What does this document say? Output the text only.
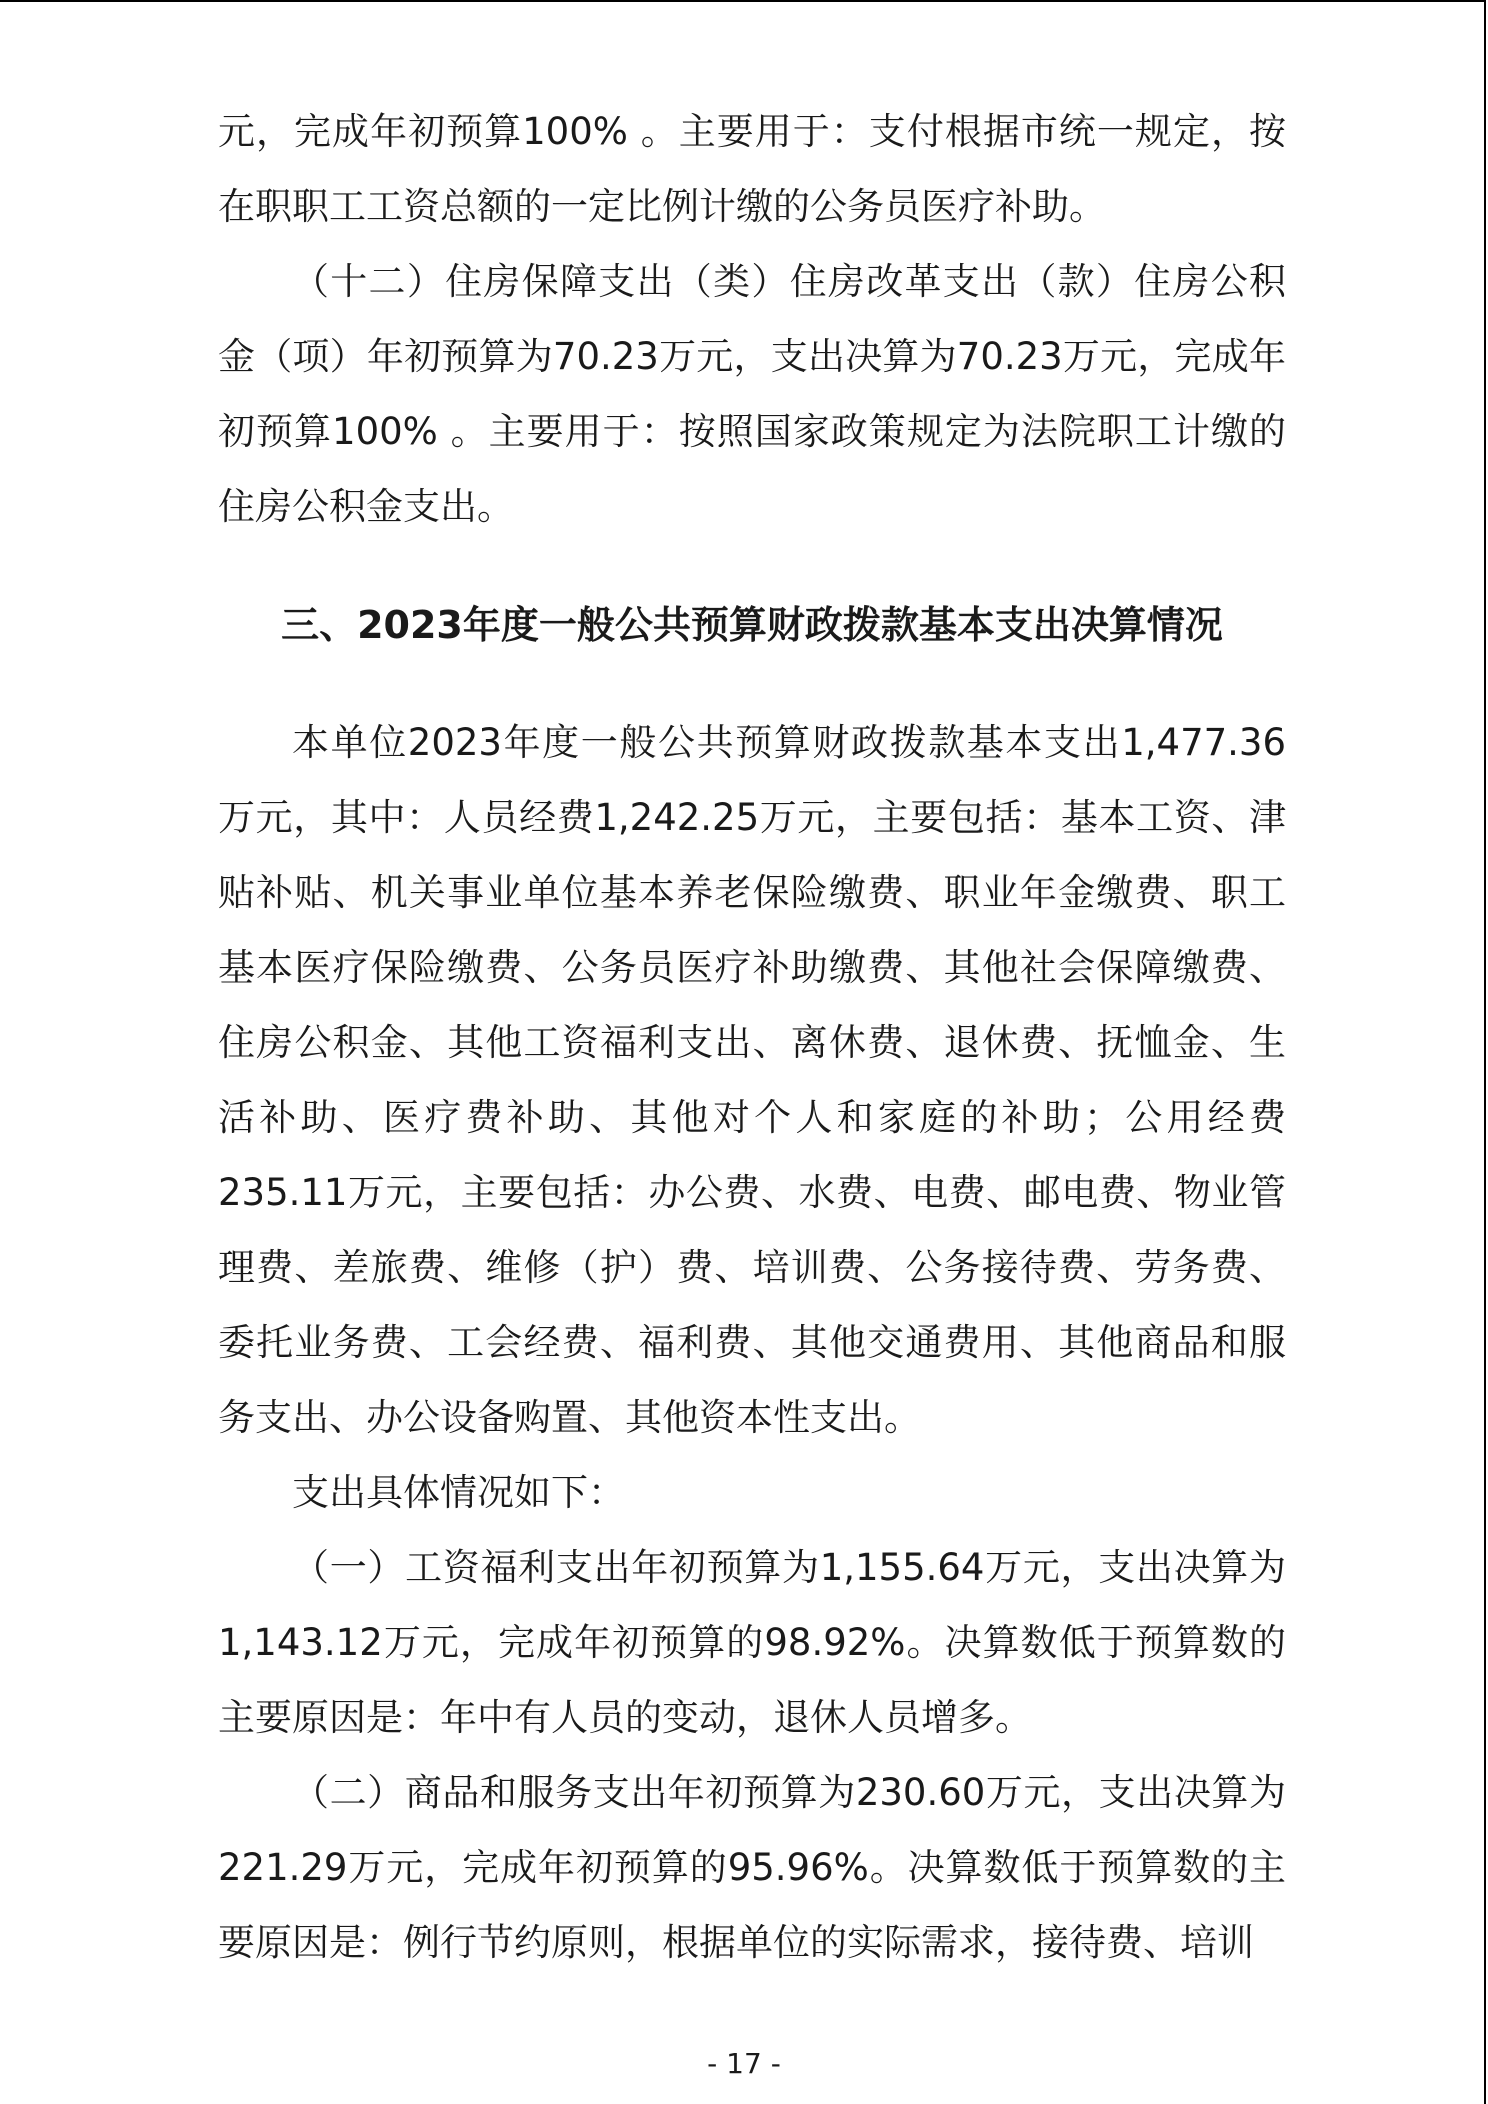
元，完成年初预算100% 。主要用于：支付根据市统一规定，按在职职工工资总额的一定比例计缴的公务员医疗补助。

（十二）住房保障支出（类）住房改革支出（款）住房公积金（项）年初预算为70.23万元，支出决算为70.23万元，完成年初预算100% 。主要用于：按照国家政策规定为法院职工计缴的住房公积金支出。

三、2023年度一般公共预算财政拨款基本支出决算情况

本单位2023年度一般公共预算财政拨款基本支出1,477.36万元，其中：人员经费1,242.25万元，主要包括：基本工资、津贴补贴、机关事业单位基本养老保险缴费、职业年金缴费、职工基本医疗保险缴费、公务员医疗补助缴费、其他社会保障缴费、住房公积金、其他工资福利支出、离休费、退休费、抚恤金、生活补助、医疗费补助、其他对个人和家庭的补助；公用经费235.11万元，主要包括：办公费、水费、电费、邮电费、物业管理费、差旅费、维修（护）费、培训费、公务接待费、劳务费、委托业务费、工会经费、福利费、其他交通费用、其他商品和服务支出、办公设备购置、其他资本性支出。

支出具体情况如下：

（一）工资福利支出年初预算为1,155.64万元，支出决算为1,143.12万元，完成年初预算的98.92%。决算数低于预算数的主要原因是：年中有人员的变动，退休人员增多。

（二）商品和服务支出年初预算为230.60万元，支出决算为221.29万元，完成年初预算的95.96%。决算数低于预算数的主要原因是：例行节约原则，根据单位的实际需求，接待费、培训

- 17 -
